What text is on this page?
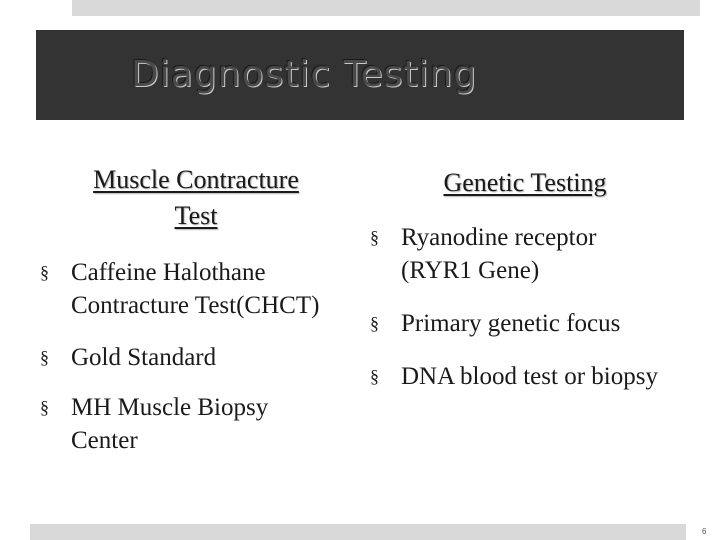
Diagnostic Testing
Muscle Contracture
Test
Genetic Testing
§ Caffeine Halothane Contracture Test(CHCT)
§ Gold Standard
§ MH Muscle Biopsy Center
§ Ryanodine receptor (RYR1 Gene)
§ Primary genetic focus
§ DNA blood test or biopsy
6
